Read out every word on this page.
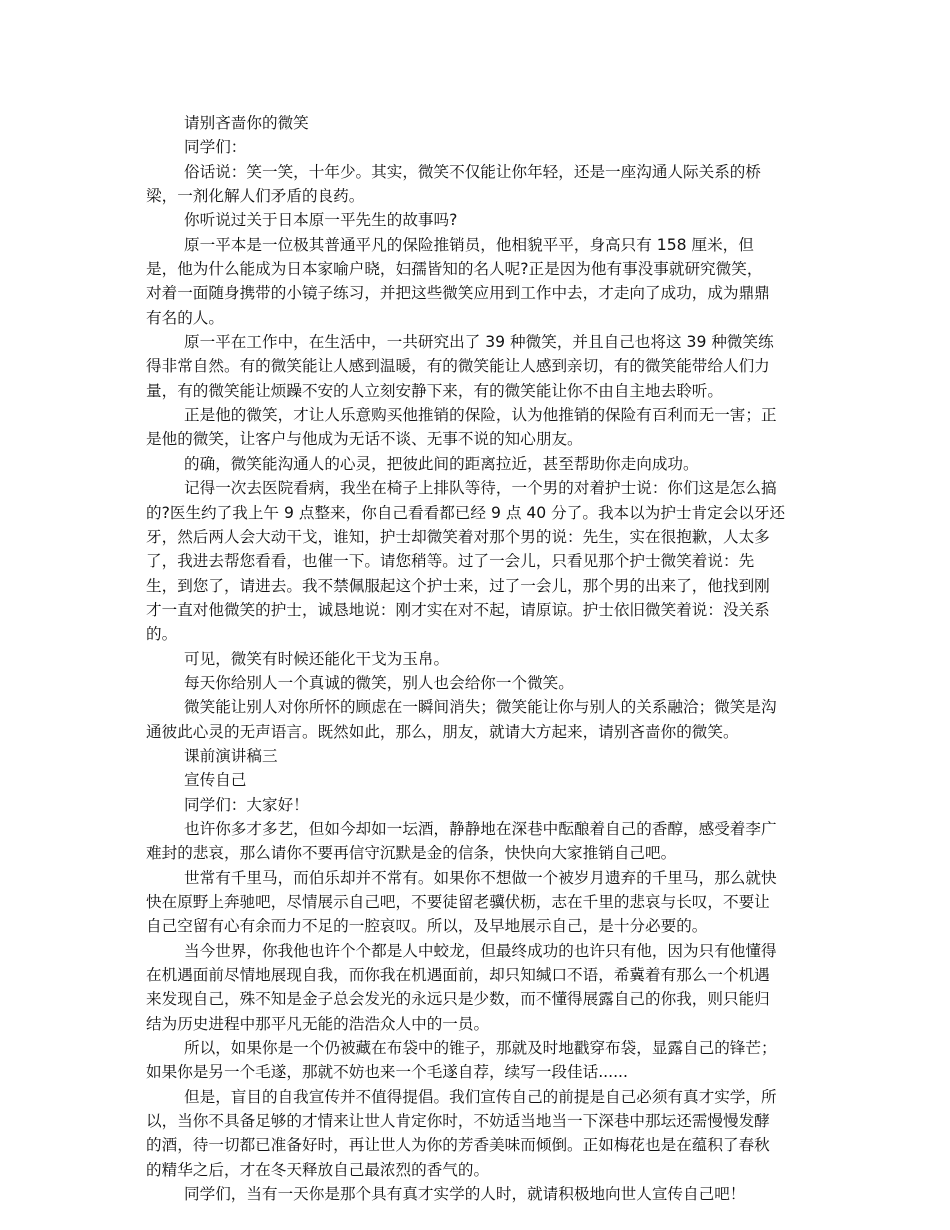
请别吝啬你的微笑
同学们：
俗话说：笑一笑，十年少。其实，微笑不仅能让你年轻，还是一座沟通人际关系的桥
梁，一剂化解人们矛盾的良药。
你听说过关于日本原一平先生的故事吗?
原一平本是一位极其普通平凡的保险推销员，他相貌平平，身高只有 158 厘米，但
是，他为什么能成为日本家喻户晓，妇孺皆知的名人呢?正是因为他有事没事就研究微笑，
对着一面随身携带的小镜子练习，并把这些微笑应用到工作中去，才走向了成功，成为鼎鼎
有名的人。
原一平在工作中，在生活中，一共研究出了 39 种微笑，并且自己也将这 39 种微笑练
得非常自然。有的微笑能让人感到温暖，有的微笑能让人感到亲切，有的微笑能带给人们力
量，有的微笑能让烦躁不安的人立刻安静下来，有的微笑能让你不由自主地去聆听。
正是他的微笑，才让人乐意购买他推销的保险，认为他推销的保险有百利而无一害；正
是他的微笑，让客户与他成为无话不谈、无事不说的知心朋友。
的确，微笑能沟通人的心灵，把彼此间的距离拉近，甚至帮助你走向成功。
记得一次去医院看病，我坐在椅子上排队等待，一个男的对着护士说：你们这是怎么搞
的?医生约了我上午 9 点整来，你自己看看都已经 9 点 40 分了。我本以为护士肯定会以牙还
牙，然后两人会大动干戈，谁知，护士却微笑着对那个男的说：先生，实在很抱歉，人太多
了，我进去帮您看看，也催一下。请您稍等。过了一会儿，只看见那个护士微笑着说：先
生，到您了，请进去。我不禁佩服起这个护士来，过了一会儿，那个男的出来了，他找到刚
才一直对他微笑的护士，诚恳地说：刚才实在对不起，请原谅。护士依旧微笑着说：没关系
的。
可见，微笑有时候还能化干戈为玉帛。
每天你给别人一个真诚的微笑，别人也会给你一个微笑。
微笑能让别人对你所怀的顾虑在一瞬间消失；微笑能让你与别人的关系融洽；微笑是沟
通彼此心灵的无声语言。既然如此，那么，朋友，就请大方起来，请别吝啬你的微笑。
课前演讲稿三
宣传自己
同学们：大家好！
也许你多才多艺，但如今却如一坛酒，静静地在深巷中酝酿着自己的香醇，感受着李广
难封的悲哀，那么请你不要再信守沉默是金的信条，快快向大家推销自己吧。
世常有千里马，而伯乐却并不常有。如果你不想做一个被岁月遗弃的千里马，那么就快
快在原野上奔驰吧，尽情展示自己吧，不要徒留老骥伏枥，志在千里的悲哀与长叹，不要让
自己空留有心有余而力不足的一腔哀叹。所以，及早地展示自己，是十分必要的。
当今世界，你我他也许个个都是人中蛟龙，但最终成功的也许只有他，因为只有他懂得
在机遇面前尽情地展现自我，而你我在机遇面前，却只知缄口不语，希冀着有那么一个机遇
来发现自己，殊不知是金子总会发光的永远只是少数，而不懂得展露自己的你我，则只能归
结为历史进程中那平凡无能的浩浩众人中的一员。
所以，如果你是一个仍被藏在布袋中的锥子，那就及时地戳穿布袋，显露自己的锋芒；
如果你是另一个毛遂，那就不妨也来一个毛遂自荐，续写一段佳话......
但是，盲目的自我宣传并不值得提倡。我们宣传自己的前提是自己必须有真才实学，所
以，当你不具备足够的才情来让世人肯定你时，不妨适当地当一下深巷中那坛还需慢慢发酵
的酒，待一切都已准备好时，再让世人为你的芳香美味而倾倒。正如梅花也是在蕴积了春秋
的精华之后，才在冬天释放自己最浓烈的香气的。
同学们，当有一天你是那个具有真才实学的人时，就请积极地向世人宣传自己吧！
